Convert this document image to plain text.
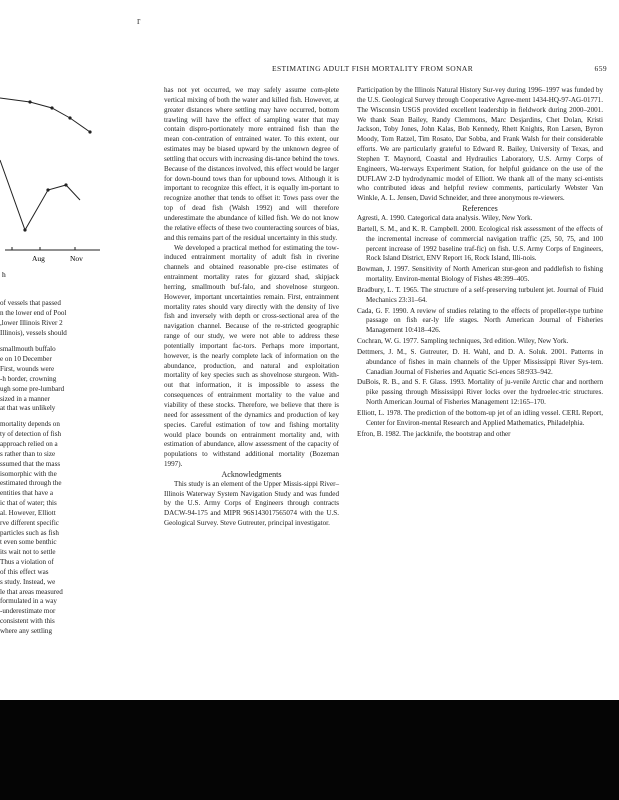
r
ESTIMATING ADULT FISH MORTALITY FROM SONAR	659
Aug	Nov
h

of vessels that passed

n the lower end of Pool

2 lower Illinois River,

Illinois), vessels should

smallmouth buffalo

e on 10 December

First, wounds were

h border, crowning-

ugh some pre-lumbard

sized in a manner

at that was unlikely

mortality depends on

ty of detection of fish

approach relied on a

s rather than to size

ssumed that the mass

isomorphic with the

estimated through the

entities that have a

ic that of water; this

al. However, Elliott

rve different specific

particles such as fish

t even some benthic

its wait not to settle

Thus a violation of

of this effect was

s study. Instead, we

le that areas measured

formulated in a way

underestimate mor-

consistent with this

where any settling

has not yet occurred, we may safely assume com-plete vertical mixing of both the water and killed fish. However, at greater distances where settling may have occurred, bottom trawling will have the effect of sampling water that may contain dispro-portionately more entrained fish than the mean con-centration of entrained water. To this extent, our estimates may be biased upward by the unknown degree of settling that occurs with increasing dis-tance behind the tows. Because of the distances involved, this effect would be larger for down-bound tows than for upbound tows. Although it is important to recognize this effect, it is equally im-portant to recognize another that tends to offset it: Tows pass over the top of dead fish (Walsh 1992) and will therefore underestimate the abundance of killed fish. We do not know the relative effects of these two counteracting sources of bias, and this remains part of the residual uncertainty in this study.

We developed a practical method for estimating the tow-induced entrainment mortality of adult fish in riverine channels and obtained reasonable pre-cise estimates of entrainment mortality rates for gizzard shad, skipjack herring, smallmouth buf-falo, and shovelnose sturgeon. However, important uncertainties remain. First, entrainment mortality rates should vary directly with the density of live fish and inversely with depth or cross-sectional area of the navigation channel. Because of the re-stricted geographic range of our study, we were not able to address these potentially important fac-tors. Perhaps more important, however, is the nearly complete lack of information on the abundance, production, and natural and exploitation mortality of key species such as shovelnose sturgeon. With-out that information, it is impossible to assess the consequences of entrainment mortality to the value and viability of these stocks. Therefore, we believe that there is need for assessment of the dynamics and production of key species. Careful estimation of tow and fishing mortality would place bounds on entrainment mortality and, with estimation of abundance, allow assessment of the capacity of populations to withstand additional mortality (Bozeman 1997).

Acknowledgments

This study is an element of the Upper Missis-sippi River–Illinois Waterway System Navigation Study and was funded by the U.S. Army Corps of Engineers through contracts DACW-94-175 and MIPR 96S143017565074 with the U.S. Geological Survey. Steve Gutreuter, principal investigator.

Participation by the Illinois Natural History Sur-vey during 1996–1997 was funded by the U.S. Geological Survey through Cooperative Agree-ment 1434-HQ-97-AG-01771. The Wisconsin USGS provided excellent leadership in fieldwork during 2000–2001. We thank Sean Bailey, Randy Clemmons, Marc Desjardins, Chet Dolan, Kristi Jackson, Toby Jones, John Kalas, Bob Kennedy, Rhett Knights, Ron Larsen, Byron Moody, Tom Ratzel, Tim Rosato, Dar Sobba, and Frank Walsh for their considerable efforts. We are particularly grateful to Edward R. Bailey, University of Texas, and Stephen T. Maynord, Coastal and Hydraulics Laboratory, U.S. Army Corps of Engineers, Wa-terways Experiment Station, for helpful guidance on the use of the DUFLAW 2-D hydrodynamic model of Elliott. We thank all of the many sci-entists who contributed ideas and helpful review comments, particularly Webster Van Winkle, A. L. Jensen, David Schneider, and three anonymous re-viewers.

References

Agresti, A. 1990. Categorical data analysis. Wiley, New York.

Bartell, S. M., and K. R. Campbell. 2000. Ecological risk assessment of the effects of the incremental increase of commercial navigation traffic (25, 50, 75, and 100 percent increase of 1992 baseline traf-fic) on fish. U.S. Army Corps of Engineers, Rock Island District, ENV Report 16, Rock Island, Illi-nois.

Bowman, J. 1997. Sensitivity of North American stur-geon and paddlefish to fishing mortality. Environ-mental Biology of Fishes 48:399–405.

Bradbury, L. T. 1965. The structure of a self-preserving turbulent jet. Journal of Fluid Mechanics 23:31–64.

Cada, G. F. 1990. A review of studies relating to the effects of propeller-type turbine passage on fish ear-ly life stages. North American Journal of Fisheries Management 10:418–426.

Cochran, W. G. 1977. Sampling techniques, 3rd edition. Wiley, New York.

Dettmers, J. M., S. Gutreuter, D. H. Wahl, and D. A. Soluk. 2001. Patterns in abundance of fishes in main channels of the Upper Mississippi River Sys-tem. Canadian Journal of Fisheries and Aquatic Sci-ences 58:933–942.

DuBois, R. B., and S. F. Glass. 1993. Mortality of ju-venile Arctic char and northern pike passing through Mississippi River locks over the hydroelec-tric structures. North American Journal of Fisheries Management 12:165–170.

Elliott, L. 1978. The prediction of the bottom-up jet of an idling vessel. CERL Report, Center for Environ-mental Research and Applied Mathematics, Philadelphia.

Efron, B. 1982. The jackknife, the bootstrap and other
